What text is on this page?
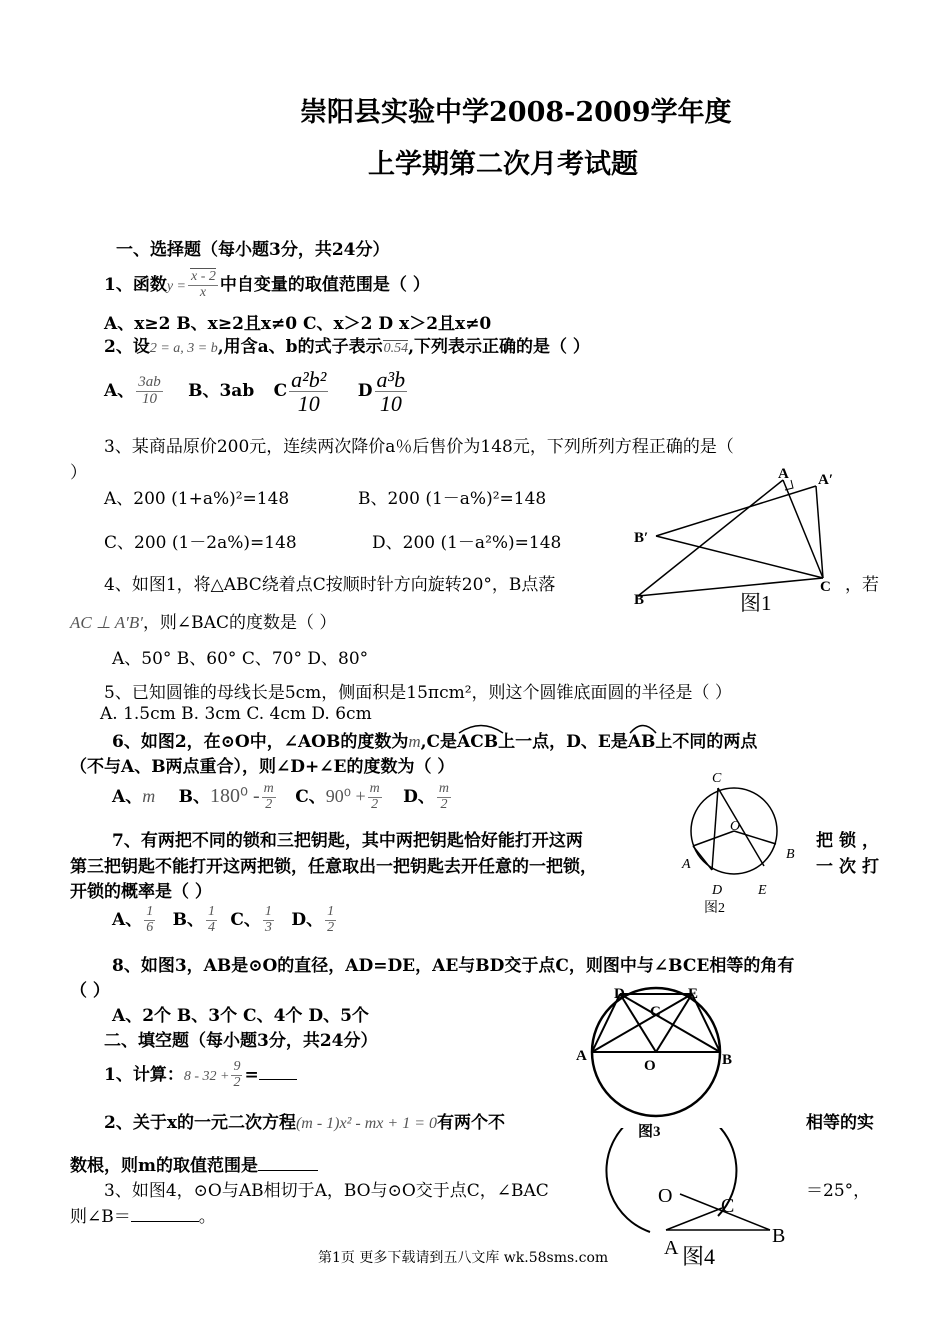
崇阳县实验中学2008-2009学年度
上学期第二次月考试题
一、选择题（每小题3分，共24分）
1、函数$y = \frac{x - 2}{x}$ 中自变量的取值范围是（ ）
A、x≥2 B、x≥2且x≠0 C、x＞2 D x＞2且x≠0
2、设2 = a, 3 = b,用含a、b的式子表示0.54,下列表示正确的是（ ）
A、 $\frac{3ab}{10}$ B、3ab C $\frac{\text{a²b²}}{10}$ D $\frac{\text{a³b}}{10}$
3、某商品原价200元，连续两次降价a％后售价为148元，下列所列方程正确的是（
）
A、200 (1+a%)²=148	B、200 (1－a%)²=148
C、200 (1－2a%)=148	D、200 (1－a²%)=148
4、如图1，将△ABC绕着点C按顺时针方向旋转20°，B点落	，若
AC ⊥ A′B′，则∠BAC的度数是（ ）
A、50° B、60° C、70° D、80°
5、已知圆锥的母线长是5cm，侧面积是15πcm²，则这个圆锥底面圆的半径是（ ）
A. 1.5cm B. 3cm C. 4cm D. 6cm
6、如图2，在⊙O中，∠AOB的度数为m,C是
ACB上一点，D、E是
AB上不同的两点
（不与A、B两点重合），则∠D+∠E的度数为（ ）
A、m B、$180^0 - \frac{m}{2}$ C、$90^0 + \frac{m}{2}$ D、 $\frac{m}{2}$
7、有两把不同的锁和三把钥匙，其中两把钥匙恰好能打开这两	把锁，
第三把钥匙不能打开这两把锁，任意取出一把钥匙去开任意的一把锁，	一次打
开锁的概率是（ ）
A、 $\frac{1}{6}$ B、 $\frac{1}{4}$ C、 $\frac{1}{3}$ D、 $\frac{1}{2}$
8、如图3，AB是⊙O的直径，AD=DE，AE与BD交于点C，则图中与∠BCE相等的角有
（ ）
A、2个 B、3个 C、4个 D、5个
二、填空题（每小题3分，共24分）
1、计算：$8 - 32 + \frac{9}{2}$ =
2、关于x的一元二次方程(m - 1)x² - mx + 1 = 0有两个不	相等的实
数根，则m的取值范围是
3、如图4，⊙O与AB相切于A，BO与⊙O交于点C，∠BAC	＝25°，
则∠B＝	。
第1页 更多下载请到五八文库 wk.58sms.com
A A′
B′
B
C
图1
C
O
A
B
D	E
图2
D
C
E
A
O	B
图3
O C
A
B
图4
